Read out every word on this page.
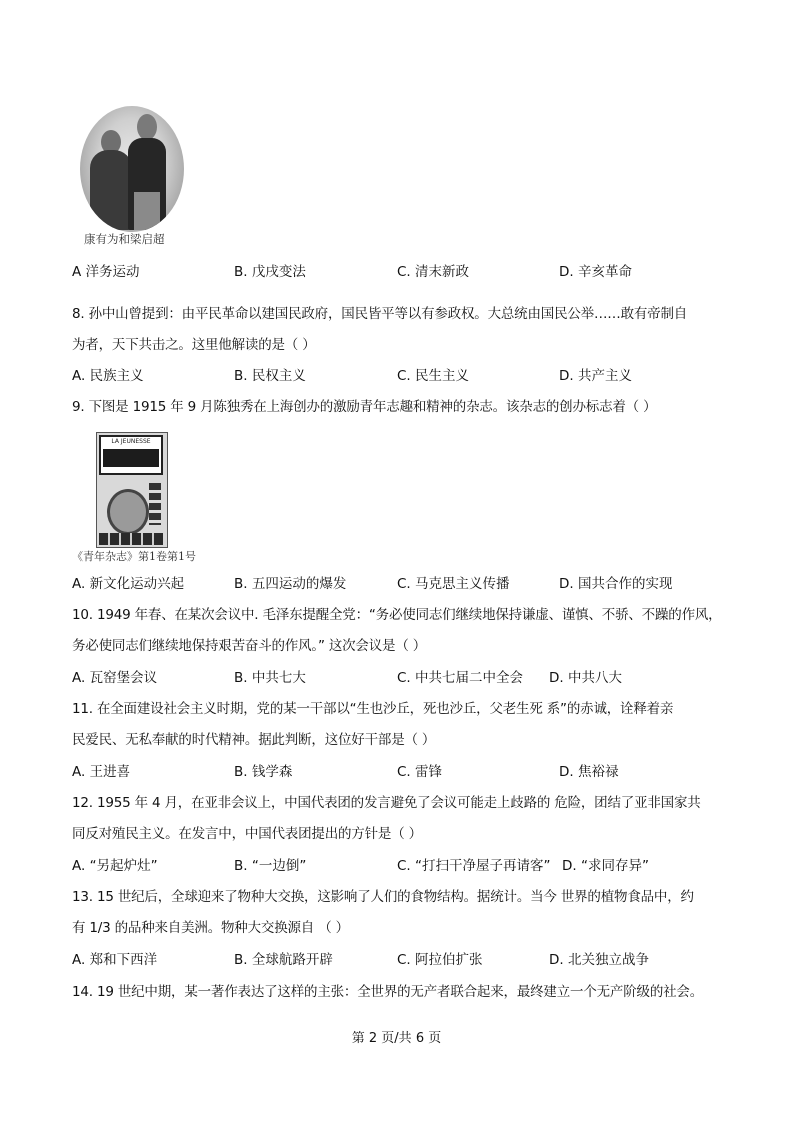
康有为和梁启超
A 洋务运动	B. 戊戌变法	C. 清末新政	D. 辛亥革命
8. 孙中山曾提到：由平民革命以建国民政府，国民皆平等以有参政权。大总统由国民公举……敢有帝制自
为者，天下共击之。这里他解读的是（ ）
A. 民族主义	B. 民权主义	C. 民生主义	D. 共产主义
9. 下图是 1915 年 9 月陈独秀在上海创办的激励青年志趣和精神的杂志。该杂志的创办标志着（ ）
LA JEUNESSE
《青年杂志》第1卷第1号
A. 新文化运动兴起	B. 五四运动的爆发	C. 马克思主义传播	D. 国共合作的实现
10. 1949 年春、在某次会议中. 毛泽东提醒全党：“务必使同志们继续地保持谦虚、谨慎、不骄、不躁的作风，
务必使同志们继续地保持艰苦奋斗的作风。” 这次会议是（ ）
A. 瓦窑堡会议	B. 中共七大	C. 中共七届二中全会 D. 中共八大
11. 在全面建设社会主义时期，党的某一干部以“生也沙丘，死也沙丘，父老生死 系”的赤诚，诠释着亲
民爱民、无私奉献的时代精神。据此判断，这位好干部是（ ）
A. 王进喜	B. 钱学森	C. 雷锋	D. 焦裕禄
12. 1955 年 4 月，在亚非会议上，中国代表团的发言避免了会议可能走上歧路的 危险，团结了亚非国家共
同反对殖民主义。在发言中，中国代表团提出的方针是（ ）
A. “另起炉灶”	B. “一边倒”	C. “打扫干净屋子再请客” D. “求同存异”
13. 15 世纪后，全球迎来了物种大交换，这影响了人们的食物结构。据统计。当今 世界的植物食品中，约
有 1/3 的品种来自美洲。物种大交换源自 （ ）
A. 郑和下西洋	B. 全球航路开辟	C. 阿拉伯扩张	D. 北关独立战争
14. 19 世纪中期，某一著作表达了这样的主张：全世界的无产者联合起来，最终建立一个无产阶级的社会。
第 2 页/共 6 页
